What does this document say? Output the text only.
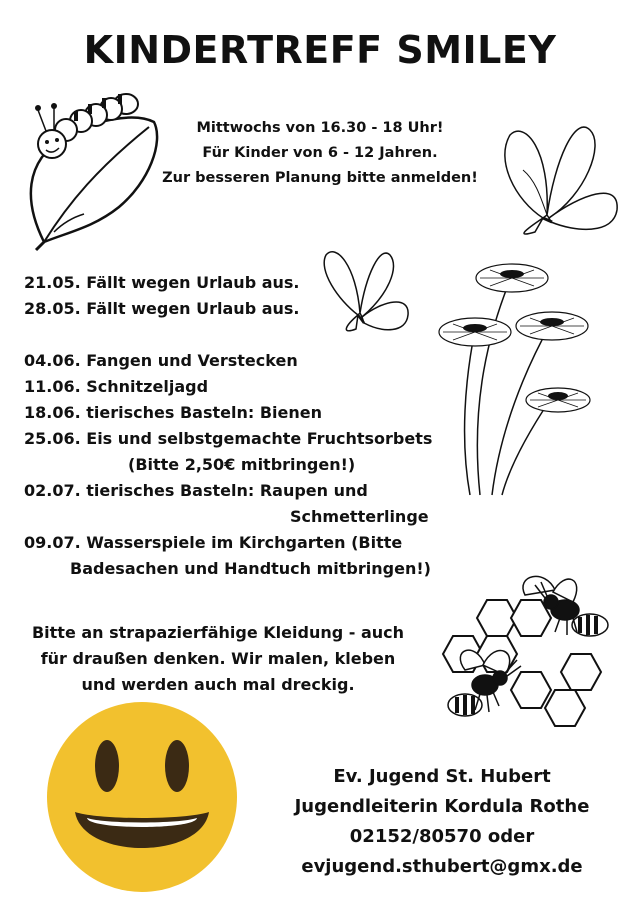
KINDERTREFF SMILEY
Mittwochs von 16.30 - 18 Uhr!
Für Kinder von 6 - 12 Jahren.
Zur besseren Planung bitte anmelden!
21.05. Fällt wegen Urlaub aus.
28.05. Fällt wegen Urlaub aus.
04.06. Fangen und Verstecken
11.06. Schnitzeljagd
18.06. tierisches Basteln: Bienen
25.06. Eis und selbstgemachte Fruchtsorbets
(Bitte 2,50€ mitbringen!)
02.07. tierisches Basteln: Raupen und
Schmetterlinge
09.07. Wasserspiele im Kirchgarten (Bitte
Badesachen und Handtuch mitbringen!)
Bitte an strapazierfähige Kleidung - auch
für draußen denken. Wir malen, kleben
und werden auch mal dreckig.
Ev. Jugend St. Hubert
Jugendleiterin Kordula Rothe
02152/80570 oder
evjugend.sthubert@gmx.de
